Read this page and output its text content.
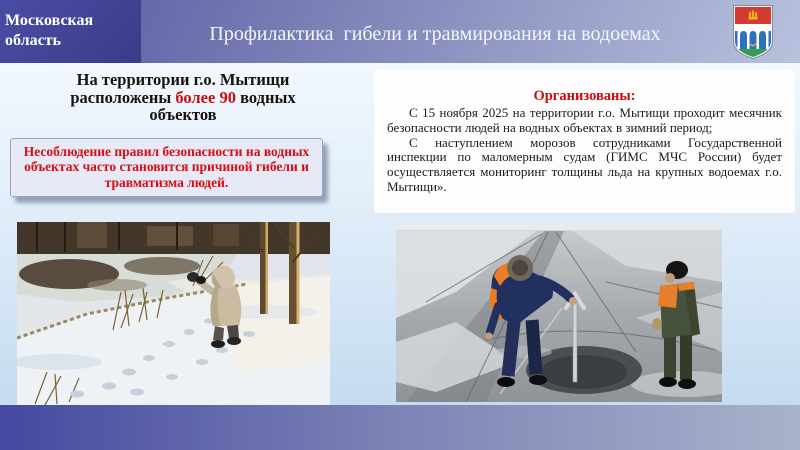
Московская
область	Профилактика  гибели и травмирования на водоемах
На территории г.о. Мытищи
расположены более 90 водных
объектов
Несоблюдение правил безопасности на водных объектах часто становится причиной гибели и травматизма людей.
Организованы:

С 15 ноября 2025 на территории г.о. Мытищи проходит месячник безопасности людей на водных объектах в зимний период;

С наступлением морозов сотрудниками Государственной инспекции по маломерным судам (ГИМС МЧС России) будет осуществляется мониторинг толщины льда на крупных водоемах г.о. Мытищи».
